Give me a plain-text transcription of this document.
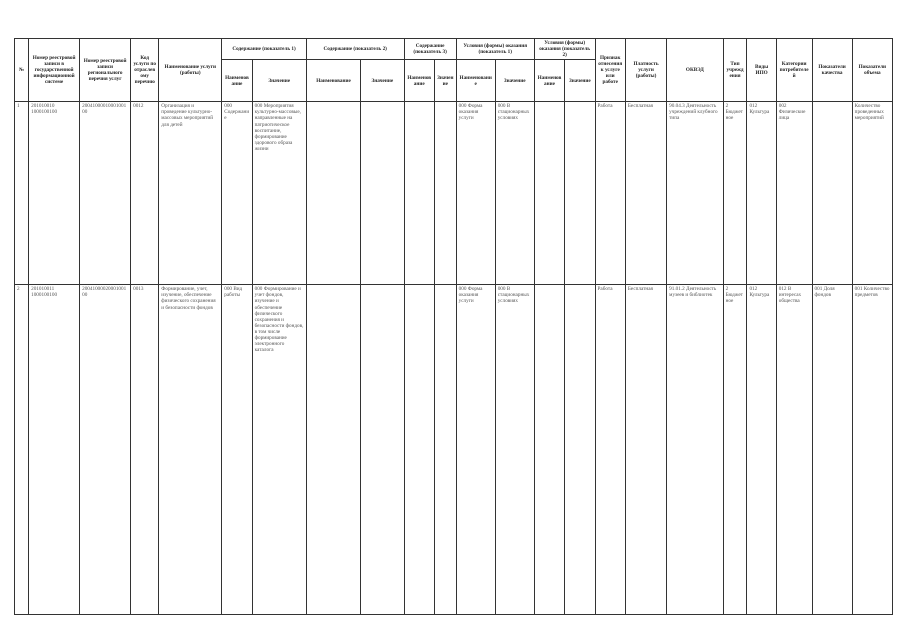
№	Номер реестровой записи в государственной информационной системе	Номер реестровой записи регионального перечня услуг	Код услуги по отраслевому перечню	Наименование услуги (работы)	Содержание (показатель 1)		Содержание (показатель 2)		Содержание (показатель 3)		Условия (формы) оказания (показатель 1)		Условия (формы) оказания (показатель 2)		Признак отнесения к услуге или работе	Платность услуги (работы)	ОКВЭД	Тип учреждения	Виды ИПО	Категории потребителей	Показатели качества	Показатели объема
					Наименование	Значение	Наименование	Значение	Наименование	Значение	Наименование	Значение	Наименование	Значение								
1	201010010 1000100100	2004100001000100100	0012	Организация и проведение культурно-массовых мероприятий для детей	000 Содержание	000 Мероприятия культурно-массовые, направленные на патриотическое воспитание, формирование здорового образа жизни					000 Форма оказания услуги	000 В стационарных условиях			Работа	Бесплатная	90.04.3 Деятельность учреждений клубного типа	2 Бюджетное	012 Культура	002 Физические лица		Количество проведенных мероприятий
2	201010011 1000100100	2004100002000100100	0013	Формирование, учет, изучение, обеспечение физического сохранения и безопасности фондов	000 Вид работы	000 Формирование и учет фондов, изучение и обеспечение физического сохранения и безопасности фондов, в том числе формирование электронного каталога					000 Форма оказания услуги	000 В стационарных условиях			Работа	Бесплатная	91.01.2 Деятельность музеев и библиотек	2 Бюджетное	012 Культура	012 В интересах общества	001 Доля фондов	001 Количество предметов
